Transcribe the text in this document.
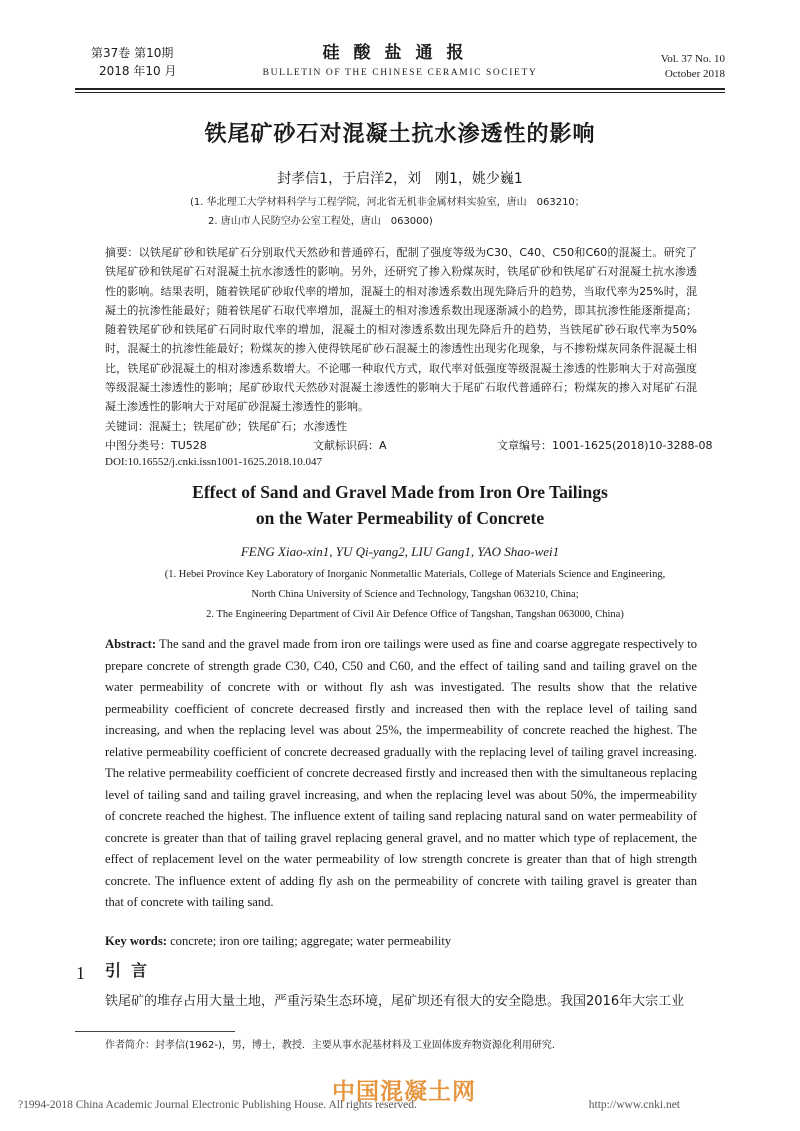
第37卷 第10期
2018 年10 月
硅酸盐通报
BULLETIN OF THE CHINESE CERAMIC SOCIETY
Vol. 37 No. 10
October 2018
铁尾矿砂石对混凝土抗水渗透性的影响
封孝信1，于启洋2，刘　刚1，姚少巍1
(1. 华北理工大学材料科学与工程学院，河北省无机非金属材料实验室，唐山　063210；
2. 唐山市人民防空办公室工程处，唐山　063000)
摘要：以铁尾矿砂和铁尾矿石分别取代天然砂和普通碎石，配制了强度等级为C30、C40、C50和C60的混凝土。研究了铁尾矿砂和铁尾矿石对混凝土抗水渗透性的影响。另外，还研究了掺入粉煤灰时，铁尾矿砂和铁尾矿石对混凝土抗水渗透性的影响。结果表明，随着铁尾矿砂取代率的增加，混凝土的相对渗透系数出现先降后升的趋势，当取代率为25%时，混凝土的抗渗性能最好；随着铁尾矿石取代率增加，混凝土的相对渗透系数出现逐渐减小的趋势，即其抗渗性能逐渐提高；随着铁尾矿砂和铁尾矿石同时取代率的增加，混凝土的相对渗透系数出现先降后升的趋势，当铁尾矿砂石取代率为50%时，混凝土的抗渗性能最好；粉煤灰的掺入使得铁尾矿砂石混凝土的渗透性出现劣化现象，与不掺粉煤灰同条件混凝土相比，铁尾矿砂混凝土的相对渗透系数增大。不论哪一种取代方式，取代率对低强度等级混凝土渗透的性影响大于对高强度等级混凝土渗透性的影响；尾矿砂取代天然砂对混凝土渗透性的影响大于尾矿石取代普通碎石；粉煤灰的掺入对尾矿石混凝土渗透性的影响大于对尾矿砂混凝土渗透性的影响。
关键词：混凝土；铁尾矿砂；铁尾矿石；水渗透性
中图分类号：TU528	文献标识码：A	文章编号：1001-1625(2018)10-3288-08
DOI:10.16552/j.cnki.issn1001-1625.2018.10.047
Effect of Sand and Gravel Made from Iron Ore Tailings
on the Water Permeability of Concrete
FENG Xiao-xin1, YU Qi-yang2, LIU Gang1, YAO Shao-wei1
(1. Hebei Province Key Laboratory of Inorganic Nonmetallic Materials, College of Materials Science and Engineering,
North China University of Science and Technology, Tangshan 063210, China;
2. The Engineering Department of Civil Air Defence Office of Tangshan, Tangshan 063000, China)
Abstract: The sand and the gravel made from iron ore tailings were used as fine and coarse aggregate respectively to prepare concrete of strength grade C30, C40, C50 and C60, and the effect of tailing sand and tailing gravel on the water permeability of concrete with or without fly ash was investigated. The results show that the relative permeability coefficient of concrete decreased firstly and increased then with the replace level of tailing sand increasing, and when the replacing level was about 25%, the impermeability of concrete reached the highest. The relative permeability coefficient of concrete decreased gradually with the replacing level of tailing gravel increasing. The relative permeability coefficient of concrete decreased firstly and increased then with the simultaneous replacing level of tailing sand and tailing gravel increasing, and when the replacing level was about 50%, the impermeability of concrete reached the highest. The influence extent of tailing sand replacing natural sand on water permeability of concrete is greater than that of tailing gravel replacing general gravel, and no matter which type of replacement, the effect of replacement level on the water permeability of low strength concrete is greater than that of high strength concrete. The influence extent of adding fly ash on the permeability of concrete with tailing gravel is greater than that of concrete with tailing sand.
Key words: concrete; iron ore tailing; aggregate; water permeability
1 引言
铁尾矿的堆存占用大量土地，严重污染生态环境，尾矿坝还有很大的安全隐患。我国2016年大宗工业
作者简介：封孝信(1962-)，男，博士，教授．主要从事水泥基材料及工业固体废弃物资源化利用研究．
?1994-2018 China Academic Journal Electronic Publishing House. All rights reserved.	http://www.cnki.net
中国混凝土网
